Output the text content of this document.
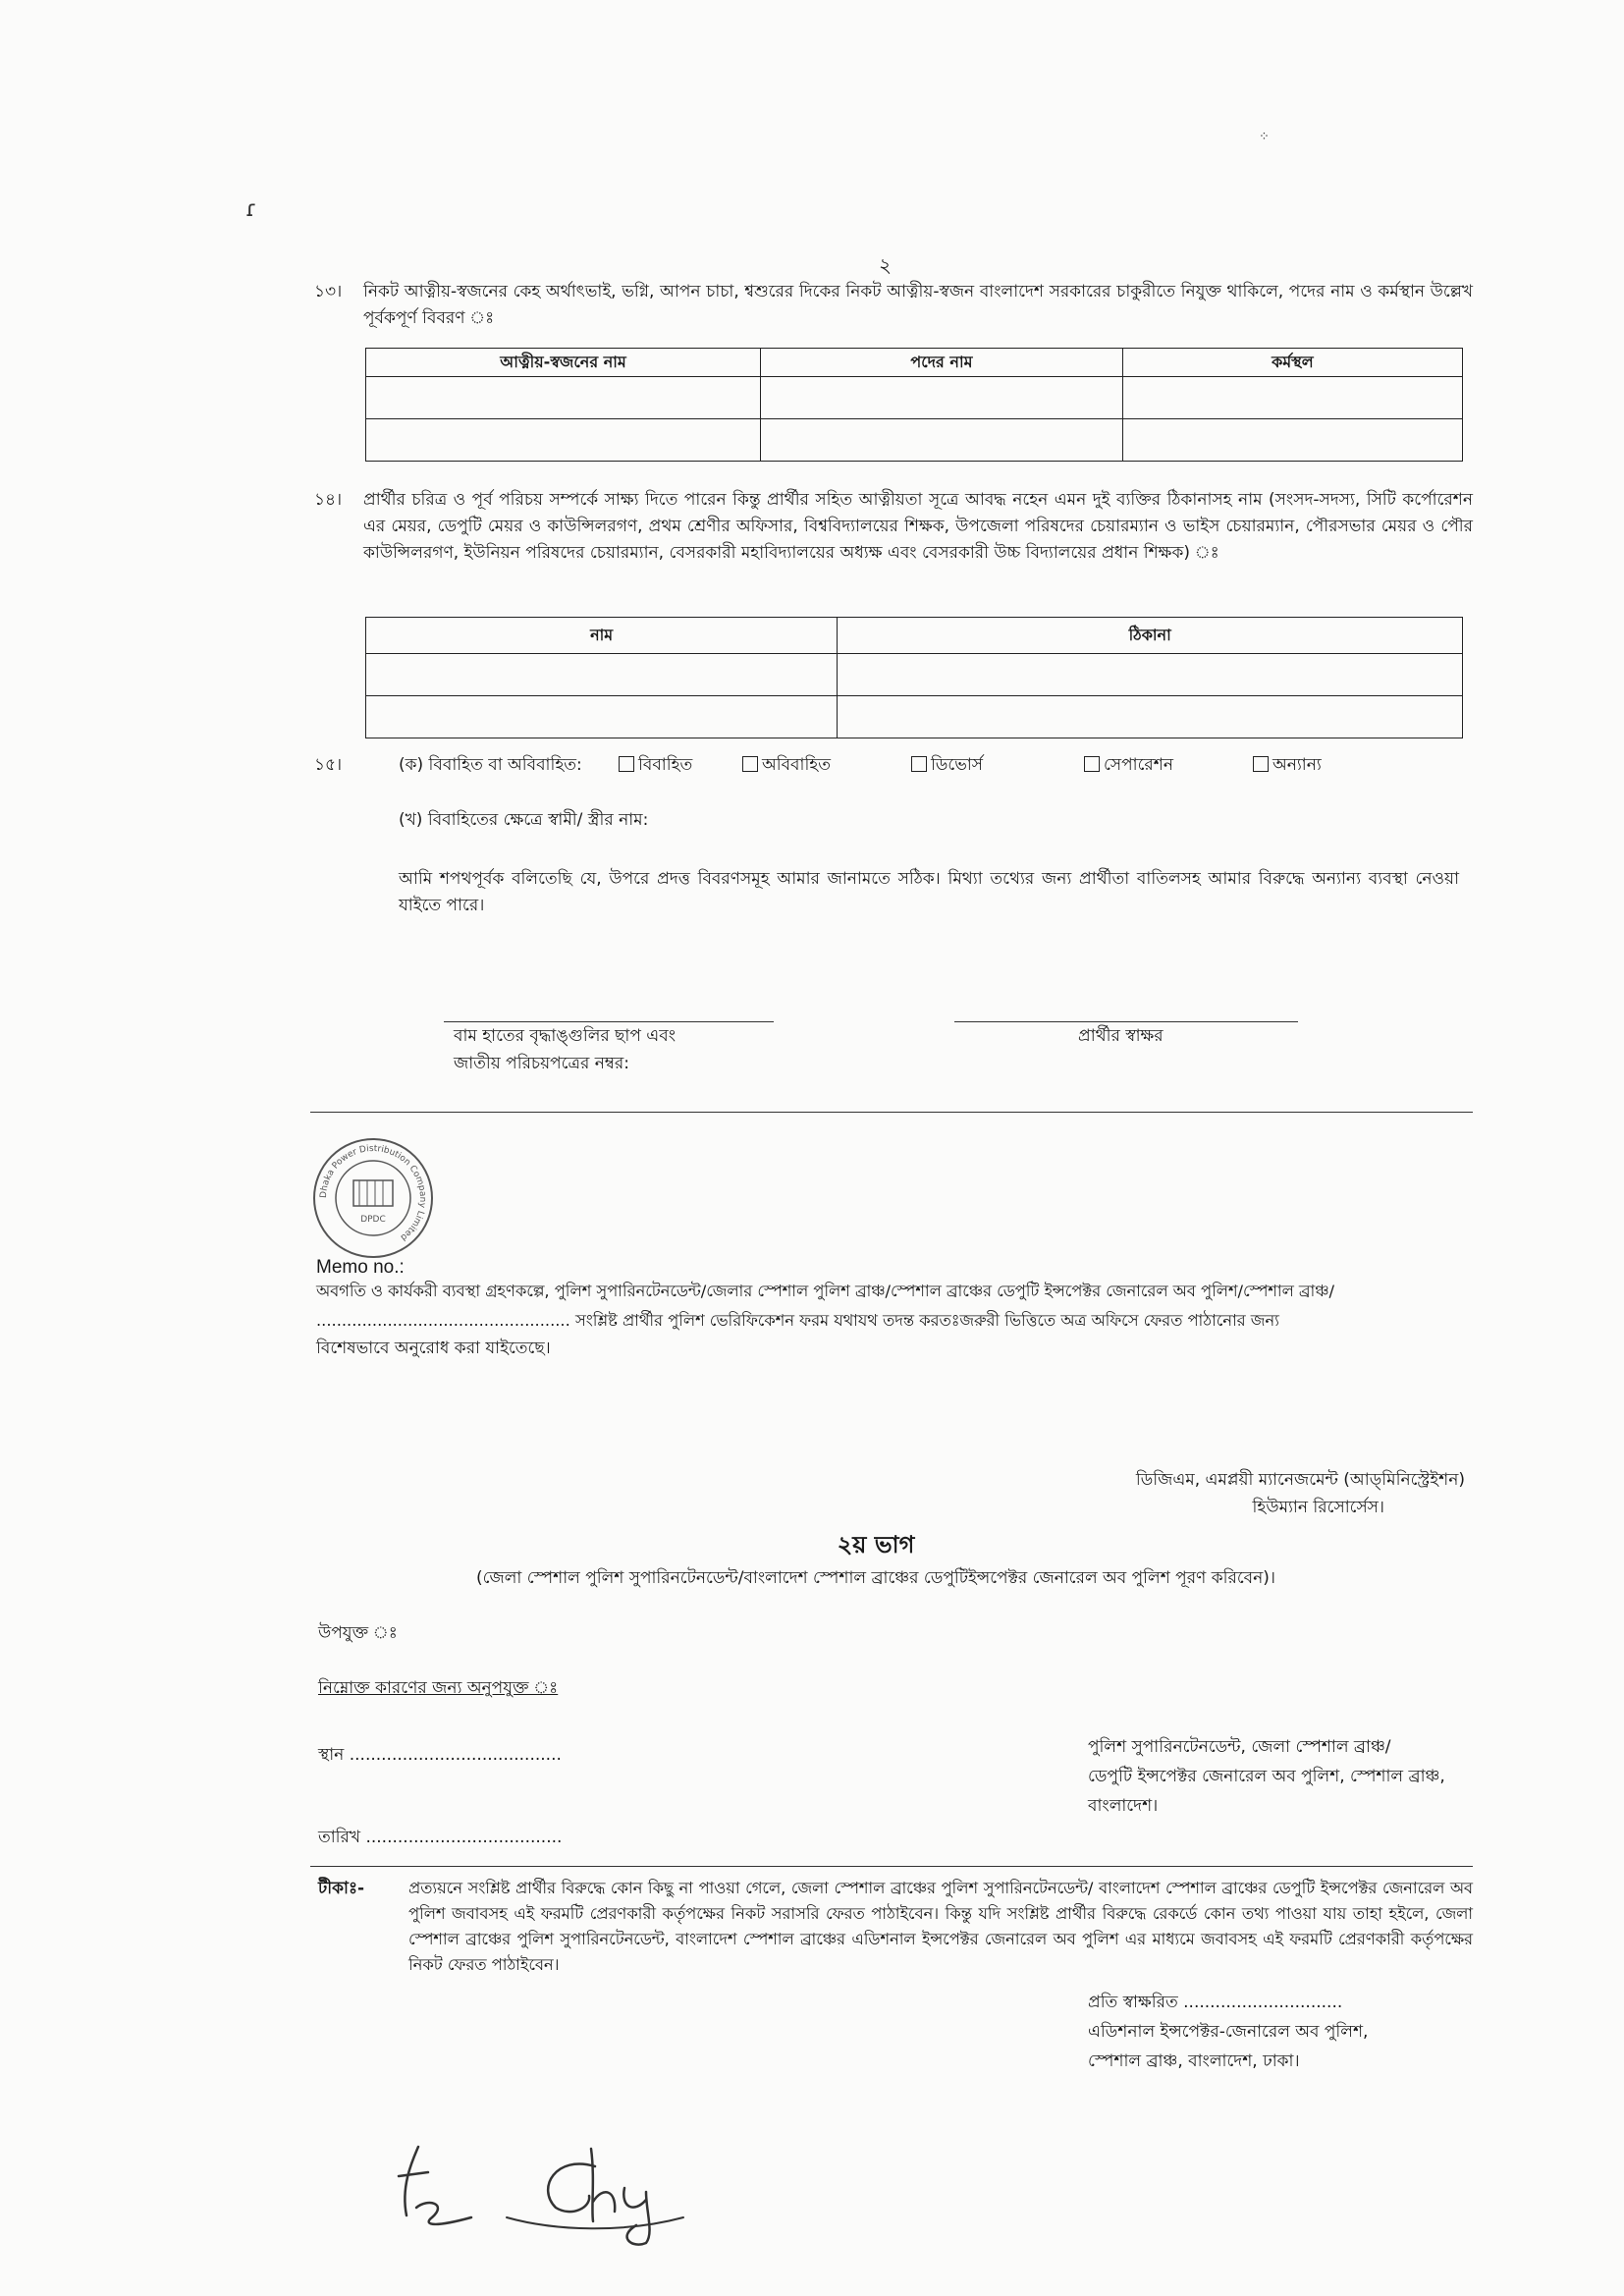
ɾ
⁘
২
১৩। নিকট আত্নীয়-স্বজনের কেহ অর্থাৎভাই, ভগ্নি, আপন চাচা, শ্বশুরের দিকের নিকট আত্নীয়-স্বজন বাংলাদেশ সরকারের চাকুরীতে নিযুক্ত থাকিলে, পদের নাম ও কর্মস্থান উল্লেখ পূর্বকপূর্ণ বিবরণ ঃ
আত্নীয়-স্বজনের নাম	পদের নাম	কর্মস্থল

১৪। প্রার্থীর চরিত্র ও পূর্ব পরিচয় সম্পর্কে সাক্ষ্য দিতে পারেন কিন্তু প্রার্থীর সহিত আত্নীয়তা সূত্রে আবদ্ধ নহেন এমন দুই ব্যক্তির ঠিকানাসহ নাম (সংসদ-সদস্য, সিটি কর্পোরেশন এর মেয়র, ডেপুটি মেয়র ও কাউন্সিলরগণ, প্রথম শ্রেণীর অফিসার, বিশ্ববিদ্যালয়ের শিক্ষক, উপজেলা পরিষদের চেয়ারম্যান ও ভাইস চেয়ারম্যান, পৌরসভার মেয়র ও পৌর কাউন্সিলরগণ, ইউনিয়ন পরিষদের চেয়ারম্যান, বেসরকারী মহাবিদ্যালয়ের অধ্যক্ষ এবং বেসরকারী উচ্চ বিদ্যালয়ের প্রধান শিক্ষক) ঃ
নাম	ঠিকানা

১৫।	(ক) বিবাহিত বা অবিবাহিত:	বিবাহিত	অবিবাহিত	ডিভোর্স	সেপারেশন	অন্যান্য
(খ) বিবাহিতের ক্ষেত্রে স্বামী/ স্ত্রীর নাম:
আমি শপথপূর্বক বলিতেছি যে, উপরে প্রদত্ত বিবরণসমূহ আমার জানামতে সঠিক। মিথ্যা তথ্যের জন্য প্রার্থীতা বাতিলসহ আমার বিরুদ্ধে অন্যান্য ব্যবস্থা নেওয়া যাইতে পারে।
বাম হাতের বৃদ্ধাঙ্গুলির ছাপ এবং
জাতীয় পরিচয়পত্রের নম্বর:
প্রার্থীর স্বাক্ষর
Dhaka Power Distribution Company Limited
DPDC
Memo no.:
অবগতি ও কার্যকরী ব্যবস্থা গ্রহণকল্পে, পুলিশ সুপারিনটেনডেন্ট/জেলার স্পেশাল পুলিশ ব্রাঞ্চ/স্পেশাল ব্রাঞ্চের ডেপুটি ইন্সপেক্টর জেনারেল অব পুলিশ/স্পেশাল ব্রাঞ্চ/
.................................................. সংশ্লিষ্ট প্রার্থীর পুলিশ ভেরিফিকেশন ফরম যথাযথ তদন্ত করতঃজরুরী ভিত্তিতে অত্র অফিসে ফেরত পাঠানোর জন্য
বিশেষভাবে অনুরোধ করা যাইতেছে।
ডিজিএম, এমপ্লয়ী ম্যানেজমেন্ট (আড্‌মিনিস্ট্রেইশন)
হিউম্যান রিসোর্সেস।
২য় ভাগ
(জেলা স্পেশাল পুলিশ সুপারিনটেনডেন্ট/বাংলাদেশ স্পেশাল ব্রাঞ্চের ডেপুটিইন্সপেক্টর জেনারেল অব পুলিশ পূরণ করিবেন)।
উপযুক্ত ঃ
নিম্নোক্ত কারণের জন্য অনুপযুক্ত ঃ
স্থান ........................................
তারিখ .....................................
পুলিশ সুপারিনটেনডেন্ট, জেলা স্পেশাল ব্রাঞ্চ/
ডেপুটি ইন্সপেক্টর জেনারেল অব পুলিশ, স্পেশাল ব্রাঞ্চ,
বাংলাদেশ।
টীকাঃ-	প্রত্যয়নে সংশ্লিষ্ট প্রার্থীর বিরুদ্ধে কোন কিছু না পাওয়া গেলে, জেলা স্পেশাল ব্রাঞ্চের পুলিশ সুপারিনটেনডেন্ট/ বাংলাদেশ স্পেশাল ব্রাঞ্চের ডেপুটি ইন্সপেক্টর জেনারেল অব পুলিশ জবাবসহ এই ফরমটি প্রেরণকারী কর্তৃপক্ষের নিকট সরাসরি ফেরত পাঠাইবেন। কিন্তু যদি সংশ্লিষ্ট প্রার্থীর বিরুদ্ধে রেকর্ডে কোন তথ্য পাওয়া যায় তাহা হইলে, জেলা স্পেশাল ব্রাঞ্চের পুলিশ সুপারিনটেনডেন্ট, বাংলাদেশ স্পেশাল ব্রাঞ্চের এডিশনাল ইন্সপেক্টর জেনারেল অব পুলিশ এর মাধ্যমে জবাবসহ এই ফরমটি প্রেরণকারী কর্তৃপক্ষের নিকট ফেরত পাঠাইবেন।
প্রতি স্বাক্ষরিত ..............................
এডিশনাল ইন্সপেক্টর-জেনারেল অব পুলিশ,
স্পেশাল ব্রাঞ্চ, বাংলাদেশ, ঢাকা।
